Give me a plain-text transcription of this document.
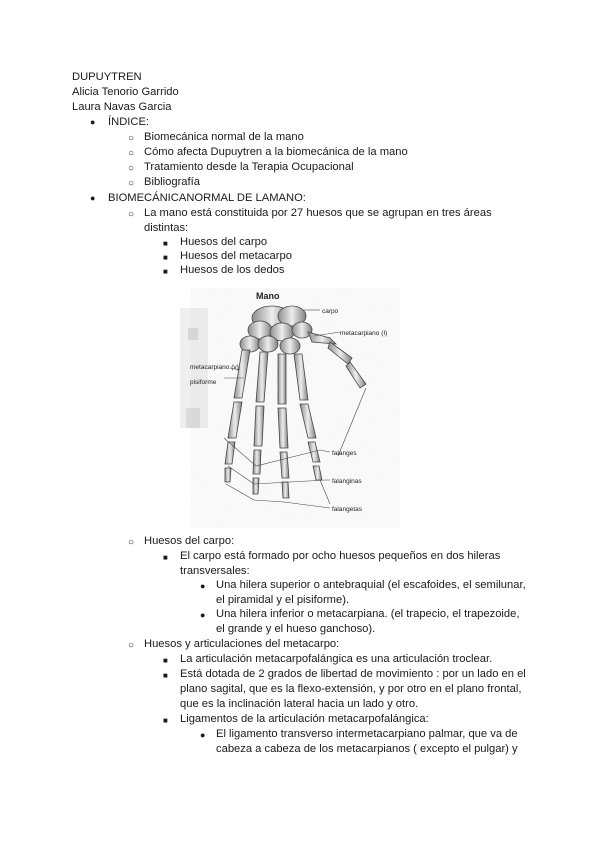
DUPUYTREN
Alicia Tenorio Garrido
Laura Navas Garcia
● ÍNDICE:
○ Biomecánica normal de la mano
○ Cómo afecta Dupuytren a la biomecánica de la mano
○ Tratamiento desde la Terapia Ocupacional
○ Bibliografía
● BIOMECÁNICANORMAL DE LAMANO:
○ La mano está constituida por 27 huesos que se agrupan en tres áreas
distintas:
■ Huesos del carpo
■ Huesos del metacarpo
■ Huesos de los dedos
Mano
carpo
metacarpiano (I)
metacarpiano (v)
pisiforme
falanges
falanginas
falangetas
○ Huesos del carpo:
■ El carpo está formado por ocho huesos pequeños en dos hileras
transversales:
● Una hilera superior o antebraquial (el escafoides, el semilunar,
el piramidal y el pisiforme).
● Una hilera inferior o metacarpiana. (el trapecio, el trapezoide,
el grande y el hueso ganchoso).
○ Huesos y articulaciones del metacarpo:
■ La articulación metacarpofalángica es una articulación troclear.
■ Está dotada de 2 grados de libertad de movimiento : por un lado en el
plano sagital, que es la flexo-extensión, y por otro en el plano frontal,
que es la inclinación lateral hacia un lado y otro.
■ Ligamentos de la articulación metacarpofalángica:
● El ligamento transverso intermetacarpiano palmar, que va de
cabeza a cabeza de los metacarpianos ( excepto el pulgar) y
